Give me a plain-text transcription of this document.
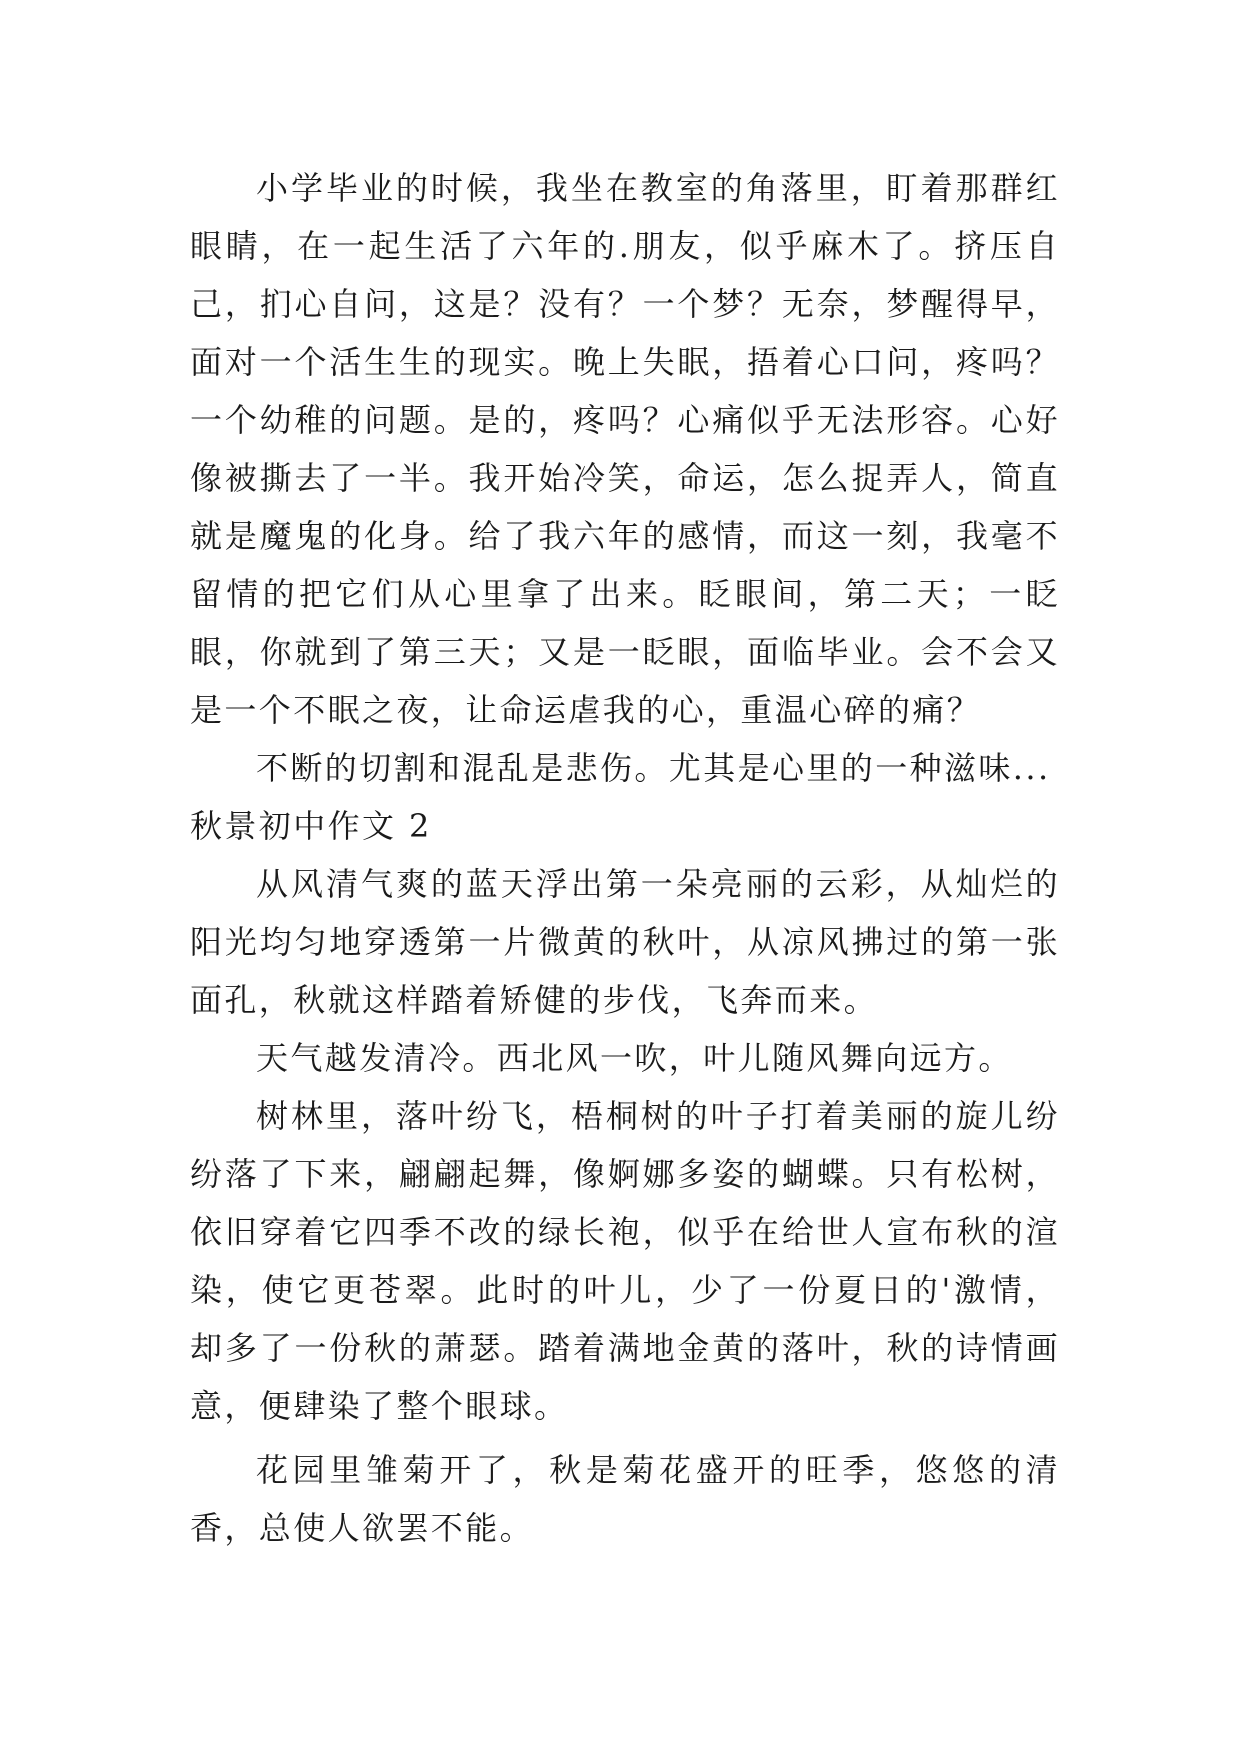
小学毕业的时候，我坐在教室的角落里，盯着那群红眼睛，在一起生活了六年的.朋友，似乎麻木了。挤压自己，扪心自问，这是？没有？一个梦？无奈，梦醒得早，面对一个活生生的现实。晚上失眠，捂着心口问，疼吗？一个幼稚的问题。是的，疼吗？心痛似乎无法形容。心好像被撕去了一半。我开始冷笑，命运，怎么捉弄人，简直就是魔鬼的化身。给了我六年的感情，而这一刻，我毫不留情的把它们从心里拿了出来。眨眼间，第二天；一眨眼，你就到了第三天；又是一眨眼，面临毕业。会不会又是一个不眠之夜，让命运虐我的心，重温心碎的痛？

不断的切割和混乱是悲伤。尤其是心里的一种滋味...

秋景初中作文 2

从风清气爽的蓝天浮出第一朵亮丽的云彩，从灿烂的阳光均匀地穿透第一片微黄的秋叶，从凉风拂过的第一张面孔，秋就这样踏着矫健的步伐，飞奔而来。

天气越发清冷。西北风一吹，叶儿随风舞向远方。

树林里，落叶纷飞，梧桐树的叶子打着美丽的旋儿纷纷落了下来，翩翩起舞，像婀娜多姿的蝴蝶。只有松树，依旧穿着它四季不改的绿长袍，似乎在给世人宣布秋的渲染，使它更苍翠。此时的叶儿，少了一份夏日的'激情，却多了一份秋的萧瑟。踏着满地金黄的落叶，秋的诗情画意，便肆染了整个眼球。

花园里雏菊开了，秋是菊花盛开的旺季，悠悠的清香，总使人欲罢不能。
